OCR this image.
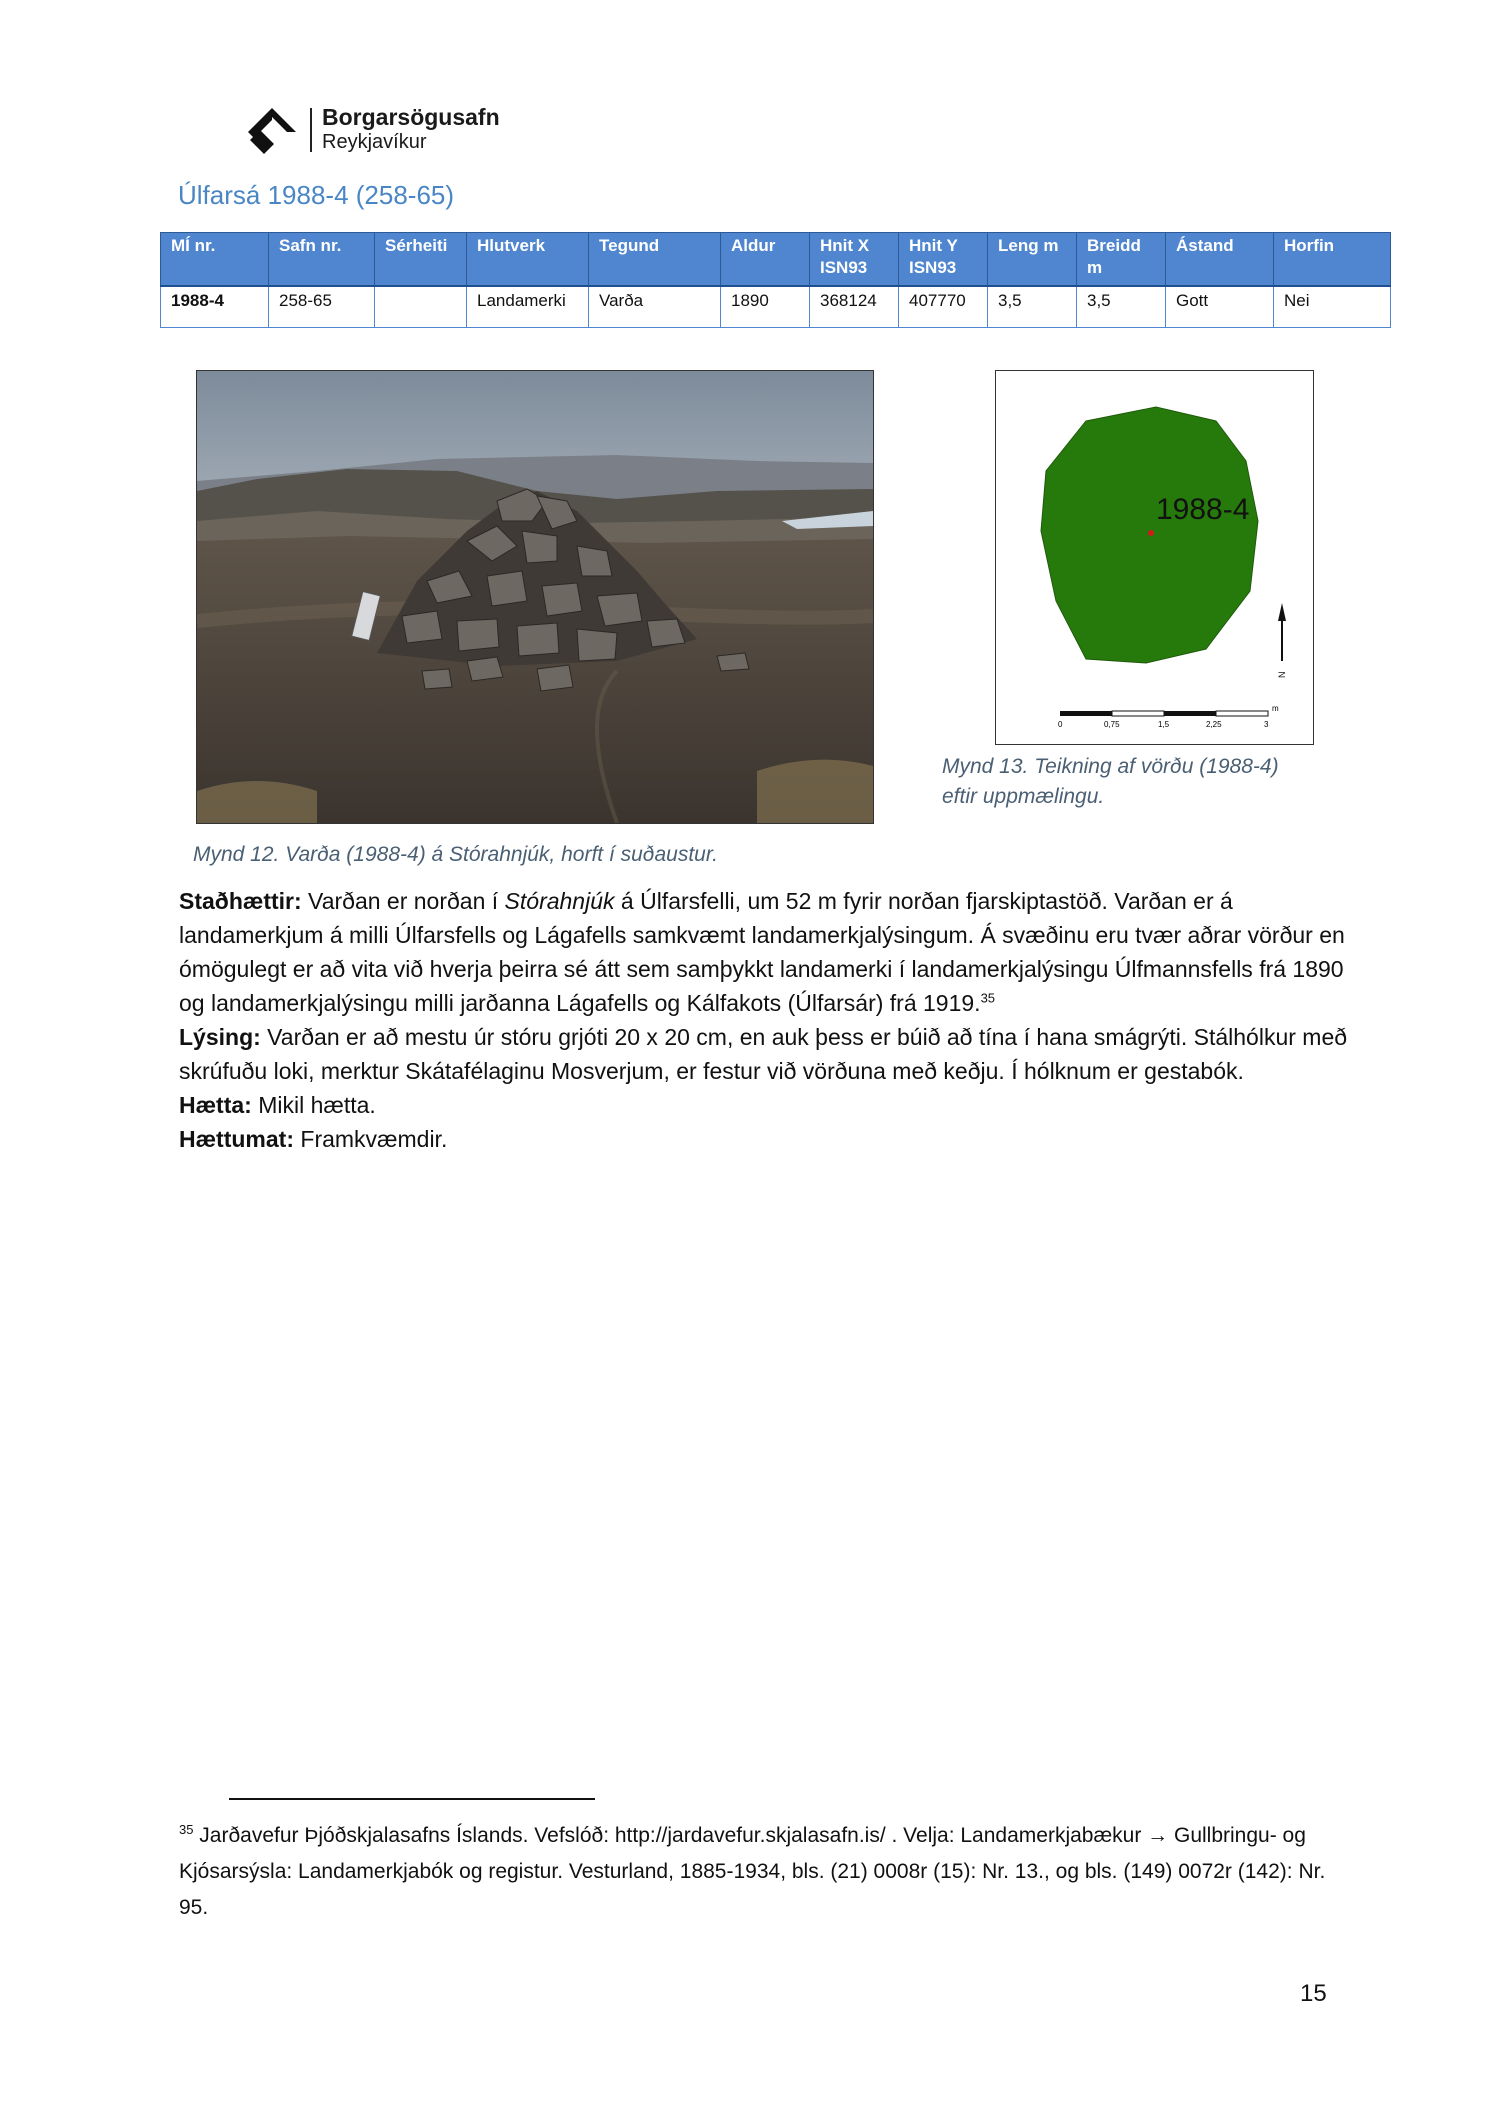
Borgarsögusafn
Reykjavíkur
Úlfarsá 1988-4 (258-65)
MÍ nr.	Safn nr.	Sérheiti	Hlutverk	Tegund	Aldur	Hnit X ISN93	Hnit Y ISN93	Leng m	Breidd m	Ástand	Horfin
1988-4	258-65		Landamerki	Varða	1890	368124	407770	3,5	3,5	Gott	Nei
1988-4
N
0	0,75	1,5	2,25	3
m
Mynd 13. Teikning af vörðu (1988-4) eftir uppmælingu.
Mynd 12. Varða (1988-4) á Stórahnjúk, horft í suðaustur.

Staðhættir: Varðan er norðan í Stórahnjúk á Úlfarsfelli, um 52 m fyrir norðan fjarskiptastöð. Varðan er á landamerkjum á milli Úlfarsfells og Lágafells samkvæmt landamerkjalýsingum. Á svæðinu eru tvær aðrar vörður en ómögulegt er að vita við hverja þeirra sé átt sem samþykkt landamerki í landamerkjalýsingu Úlfmannsfells frá 1890 og landamerkjalýsingu milli jarðanna Lágafells og Kálfakots (Úlfarsár) frá 1919.35

Lýsing: Varðan er að mestu úr stóru grjóti 20 x 20 cm, en auk þess er búið að tína í hana smágrýti. Stálhólkur með skrúfuðu loki, merktur Skátafélaginu Mosverjum, er festur við vörðuna með keðju. Í hólknum er gestabók.

Hætta: Mikil hætta.

Hættumat: Framkvæmdir.

$^{35}$ Jarðavefur Þjóðskjalasafns Íslands. Vefslóð: http://jardavefur.skjalasafn.is/ . Velja: Landamerkjabækur → Gullbringu- og Kjósarsýsla: Landamerkjabók og registur. Vesturland, 1885-1934, bls. (21) 0008r (15): Nr. 13., og bls. (149) 0072r (142): Nr. 95.
15
